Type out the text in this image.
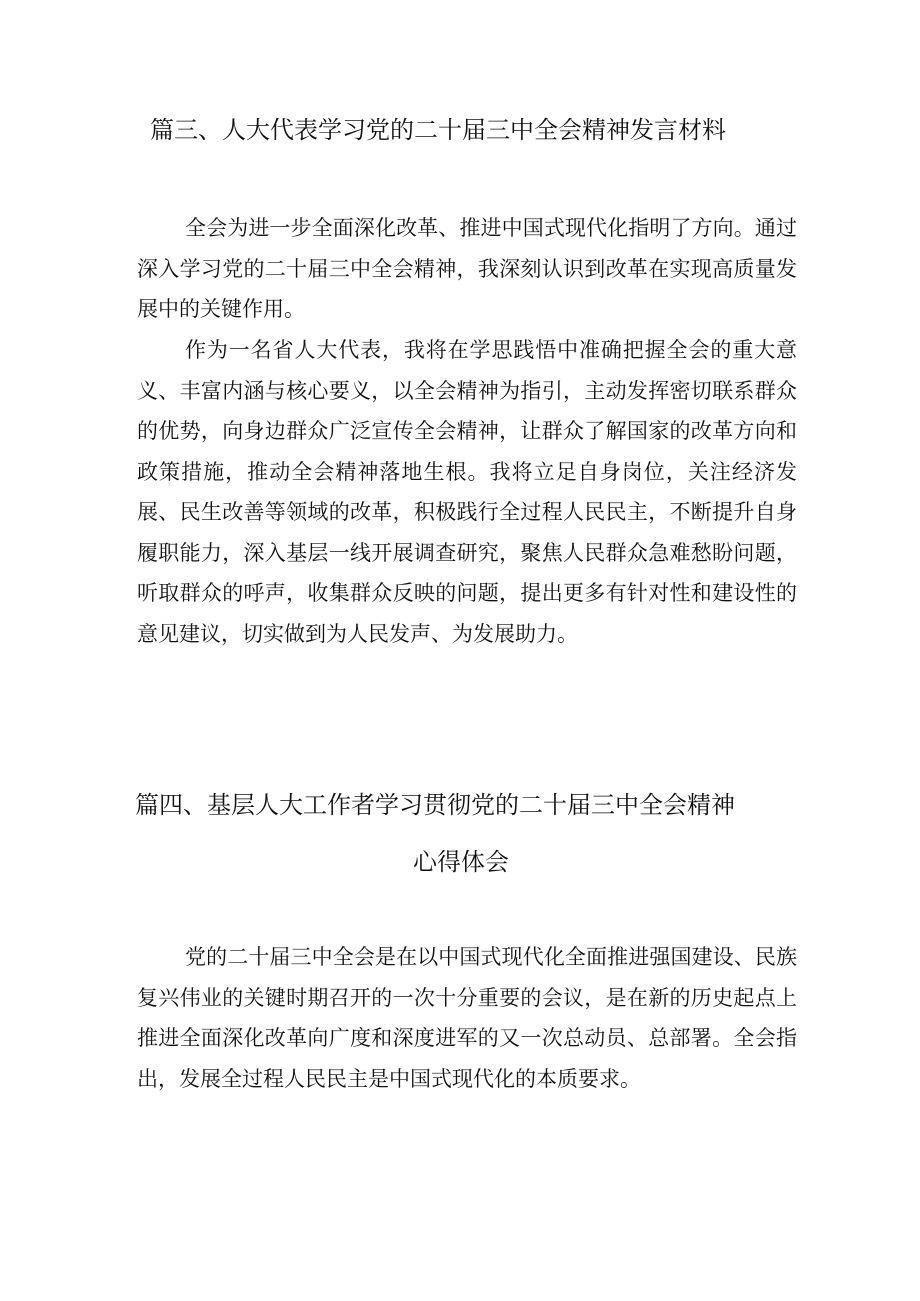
篇三、人大代表学习党的二十届三中全会精神发言材料

全会为进一步全面深化改革、推进中国式现代化指明了方向。通过深入学习党的二十届三中全会精神，我深刻认识到改革在实现高质量发展中的关键作用。

作为一名省人大代表，我将在学思践悟中准确把握全会的重大意义、丰富内涵与核心要义，以全会精神为指引，主动发挥密切联系群众的优势，向身边群众广泛宣传全会精神，让群众了解国家的改革方向和政策措施，推动全会精神落地生根。我将立足自身岗位，关注经济发展、民生改善等领域的改革，积极践行全过程人民民主，不断提升自身履职能力，深入基层一线开展调查研究，聚焦人民群众急难愁盼问题，听取群众的呼声，收集群众反映的问题，提出更多有针对性和建设性的意见建议，切实做到为人民发声、为发展助力。

篇四、基层人大工作者学习贯彻党的二十届三中全会精神
心得体会

党的二十届三中全会是在以中国式现代化全面推进强国建设、民族复兴伟业的关键时期召开的一次十分重要的会议，是在新的历史起点上推进全面深化改革向广度和深度进军的又一次总动员、总部署。全会指出，发展全过程人民民主是中国式现代化的本质要求。
